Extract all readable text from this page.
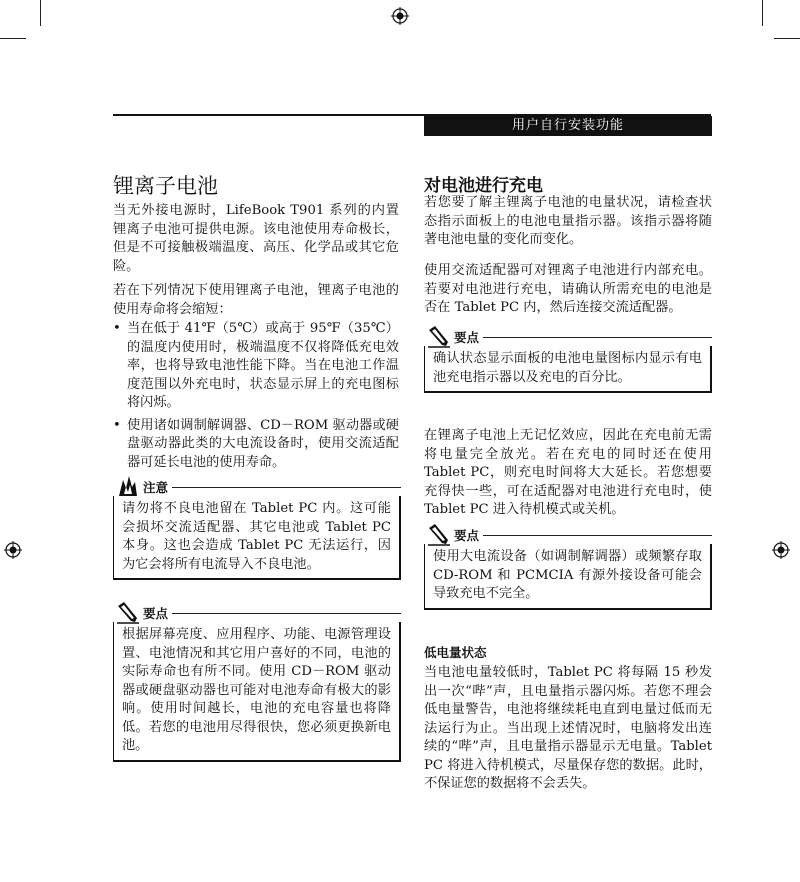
用户自行安装功能
锂离子电池

当无外接电源时，LifeBook T901 系列的内置锂离子电池可提供电源。该电池使用寿命极长，但是不可接触极端温度、高压、化学品或其它危险。

若在下列情况下使用锂离子电池，锂离子电池的使用寿命将会缩短：

• 当在低于 41℉（5℃）或高于 95℉（35℃）的温度内使用时，极端温度不仅将降低充电效率，也将导致电池性能下降。当在电池工作温度范围以外充电时，状态显示屏上的充电图标将闪烁。
• 使用诸如调制解调器、CD－ROM 驱动器或硬盘驱动器此类的大电流设备时，使用交流适配器可延长电池的使用寿命。
注意

请勿将不良电池留在 Tablet PC 内。这可能会损坏交流适配器、其它电池或 Tablet PC 本身。这也会造成 Tablet PC 无法运行，因为它会将所有电流导入不良电池。

要点

根据屏幕亮度、应用程序、功能、电源管理设置、电池情况和其它用户喜好的不同，电池的实际寿命也有所不同。使用 CD－ROM 驱动器或硬盘驱动器也可能对电池寿命有极大的影响。使用时间越长，电池的充电容量也将降低。若您的电池用尽得很快，您必须更换新电池。

对电池进行充电

若您要了解主锂离子电池的电量状况，请检查状态指示面板上的电池电量指示器。该指示器将随著电池电量的变化而变化。

使用交流适配器可对锂离子电池进行内部充电。若要对电池进行充电，请确认所需充电的电池是否在 Tablet PC 内，然后连接交流适配器。

要点

确认状态显示面板的电池电量图标内显示有电池充电指示器以及充电的百分比。

在锂离子电池上无记忆效应，因此在充电前无需将电量完全放光。若在充电的同时还在使用 Tablet PC，则充电时间将大大延长。若您想要充得快一些，可在适配器对电池进行充电时，使 Tablet PC 进入待机模式或关机。

要点

使用大电流设备（如调制解调器）或频繁存取 CD-ROM 和 PCMCIA 有源外接设备可能会导致充电不完全。

低电量状态

当电池电量较低时，Tablet PC 将每隔 15 秒发出一次“哔”声，且电量指示器闪烁。若您不理会低电量警告，电池将继续耗电直到电量过低而无法运行为止。当出现上述情况时，电脑将发出连续的“哔”声，且电量指示器显示无电量。Tablet PC 将进入待机模式，尽量保存您的数据。此时，不保证您的数据将不会丢失。
